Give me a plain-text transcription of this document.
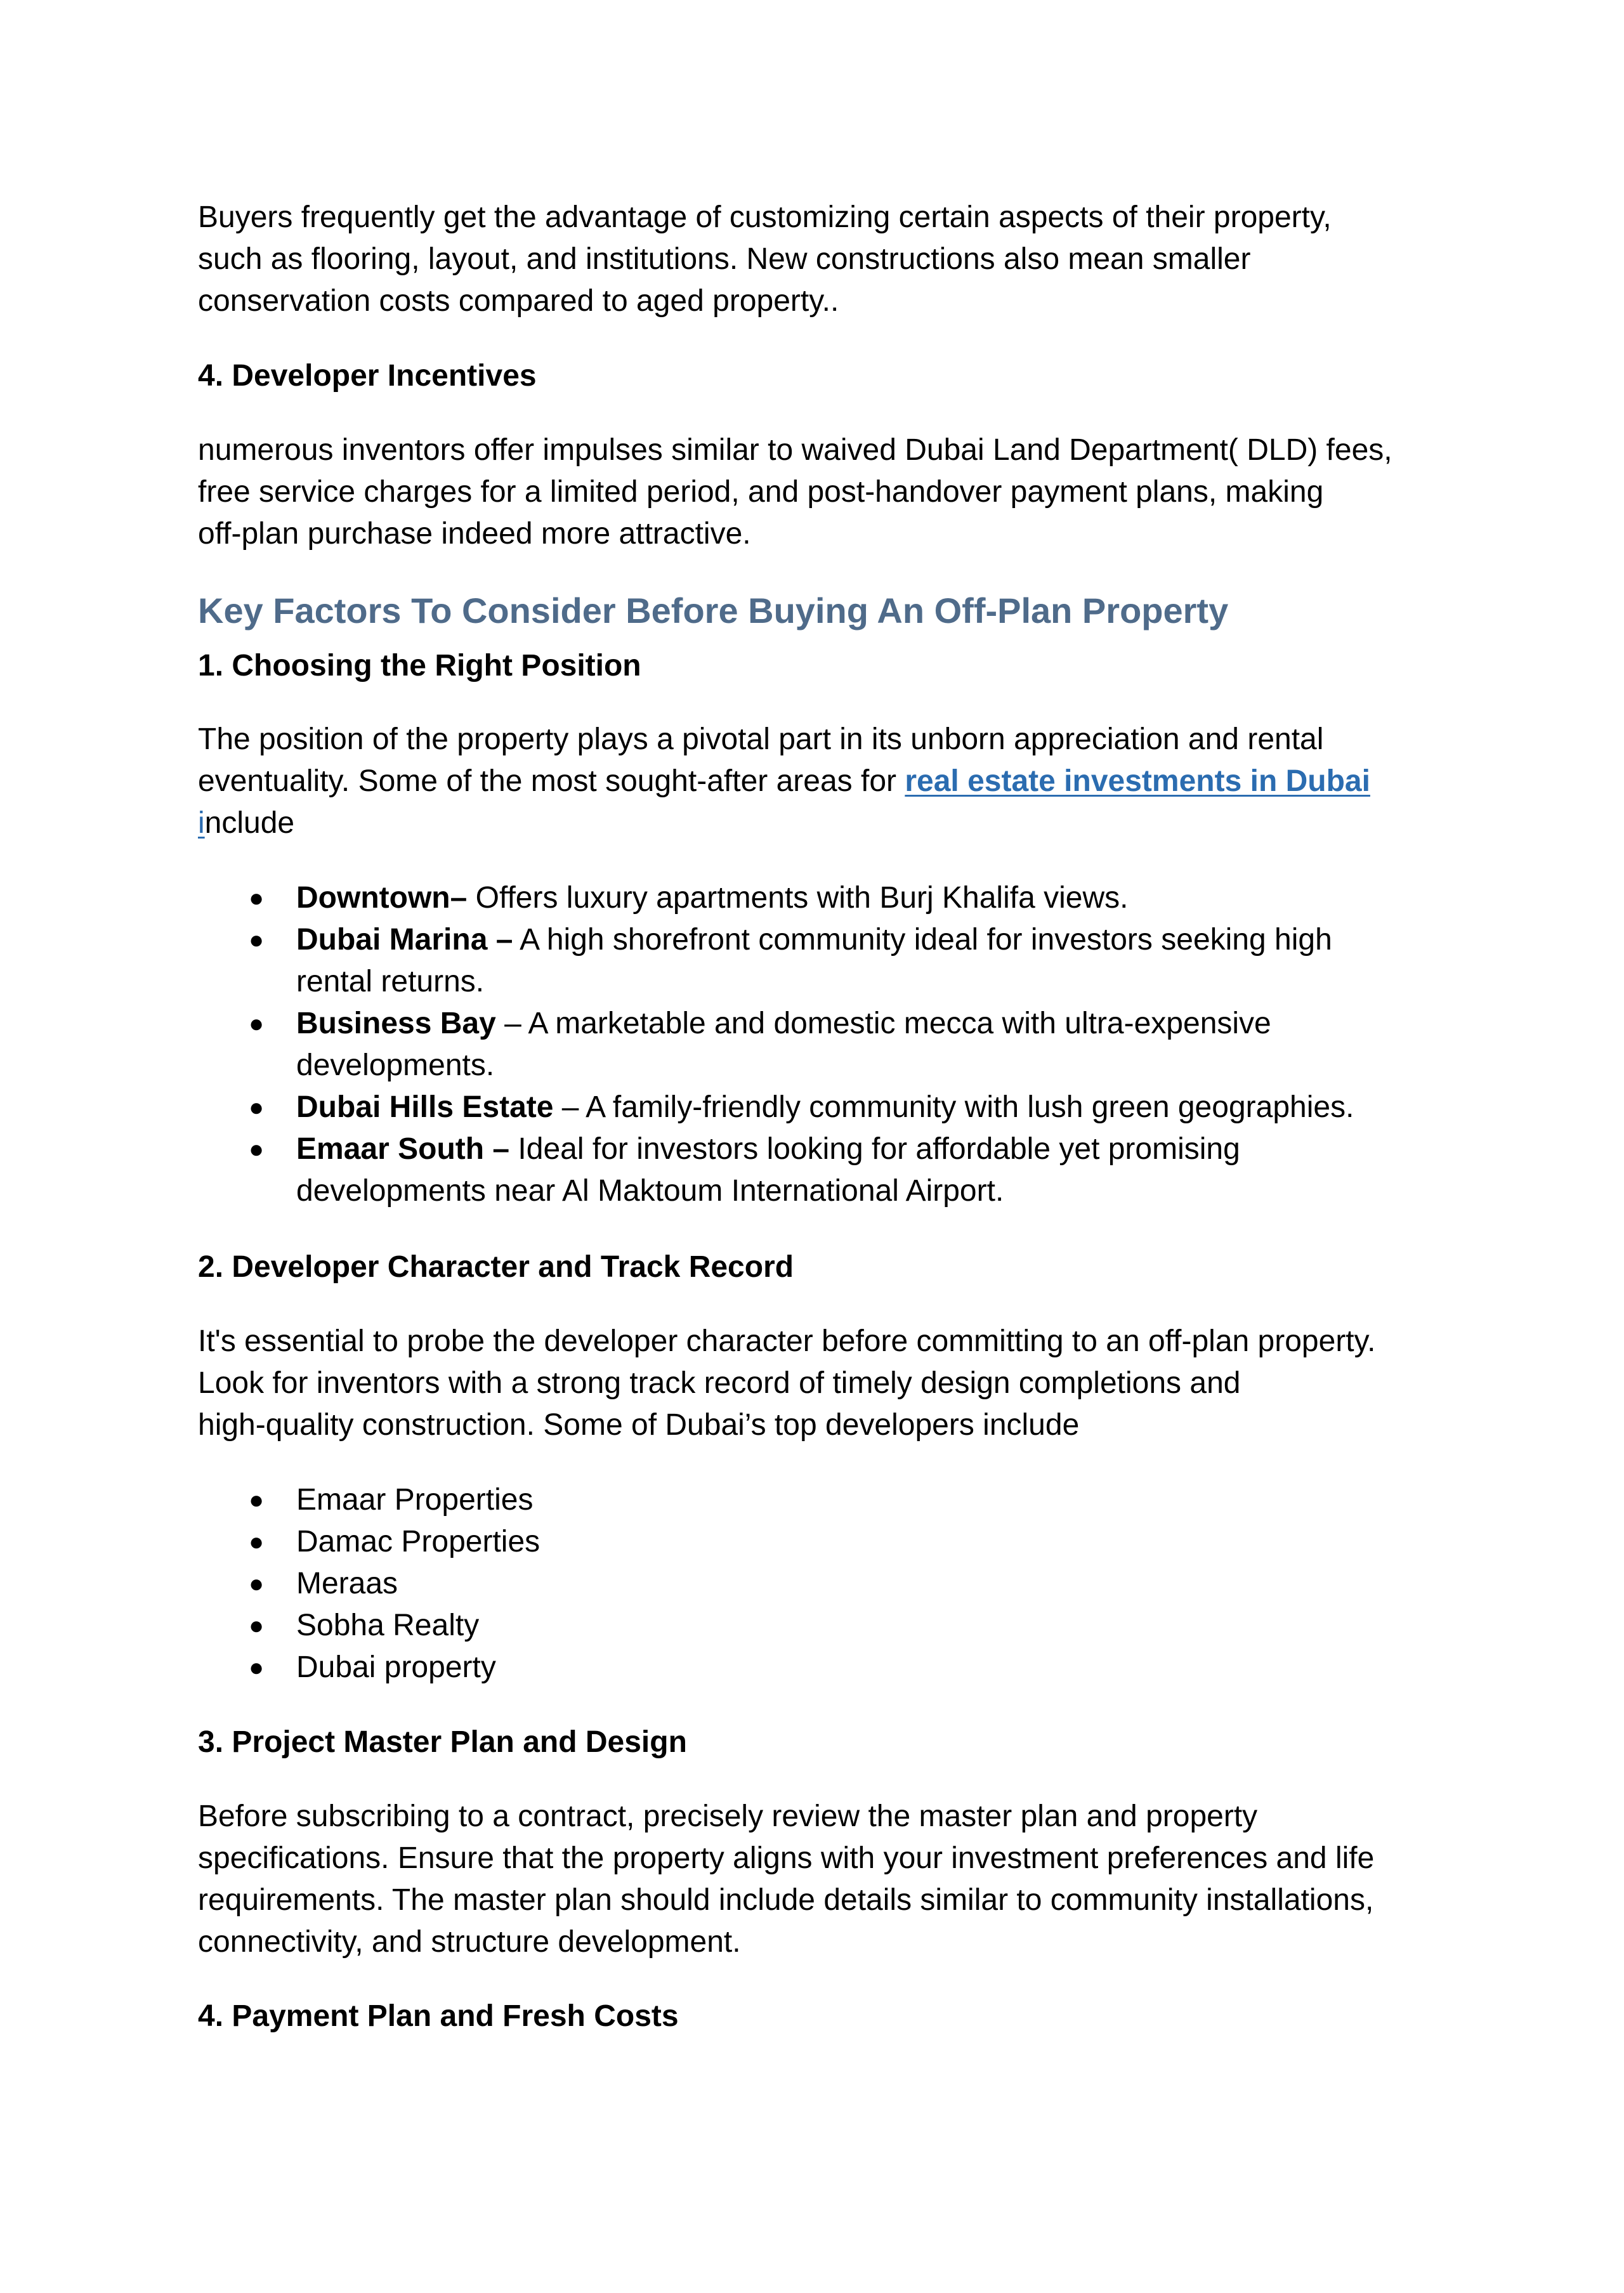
Buyers frequently get the advantage of customizing certain aspects of their property,
such as flooring, layout, and institutions. New constructions also mean smaller
conservation costs compared to aged property..

4. Developer Incentives

numerous inventors offer impulses similar to waived Dubai Land Department( DLD) fees,
free service charges for a limited period, and post-handover payment plans, making
off-plan purchase indeed more attractive.

Key Factors To Consider Before Buying An Off-Plan Property
1. Choosing the Right Position

The position of the property plays a pivotal part in its unborn appreciation and rental
eventuality. Some of the most sought-after areas for real estate investments in Dubai
include

● Downtown– Offers luxury apartments with Burj Khalifa views.
● Dubai Marina – A high shorefront community ideal for investors seeking high
rental returns.
● Business Bay – A marketable and domestic mecca with ultra-expensive
developments.
● Dubai Hills Estate – A family-friendly community with lush green geographies.
● Emaar South – Ideal for investors looking for affordable yet promising
developments near Al Maktoum International Airport.
2. Developer Character and Track Record

It's essential to probe the developer character before committing to an off-plan property.
Look for inventors with a strong track record of timely design completions and
high-quality construction. Some of Dubai’s top developers include

● Emaar Properties
● Damac Properties
● Meraas
● Sobha Realty
● Dubai property
3. Project Master Plan and Design

Before subscribing to a contract, precisely review the master plan and property
specifications. Ensure that the property aligns with your investment preferences and life
requirements. The master plan should include details similar to community installations,
connectivity, and structure development.

4. Payment Plan and Fresh Costs
